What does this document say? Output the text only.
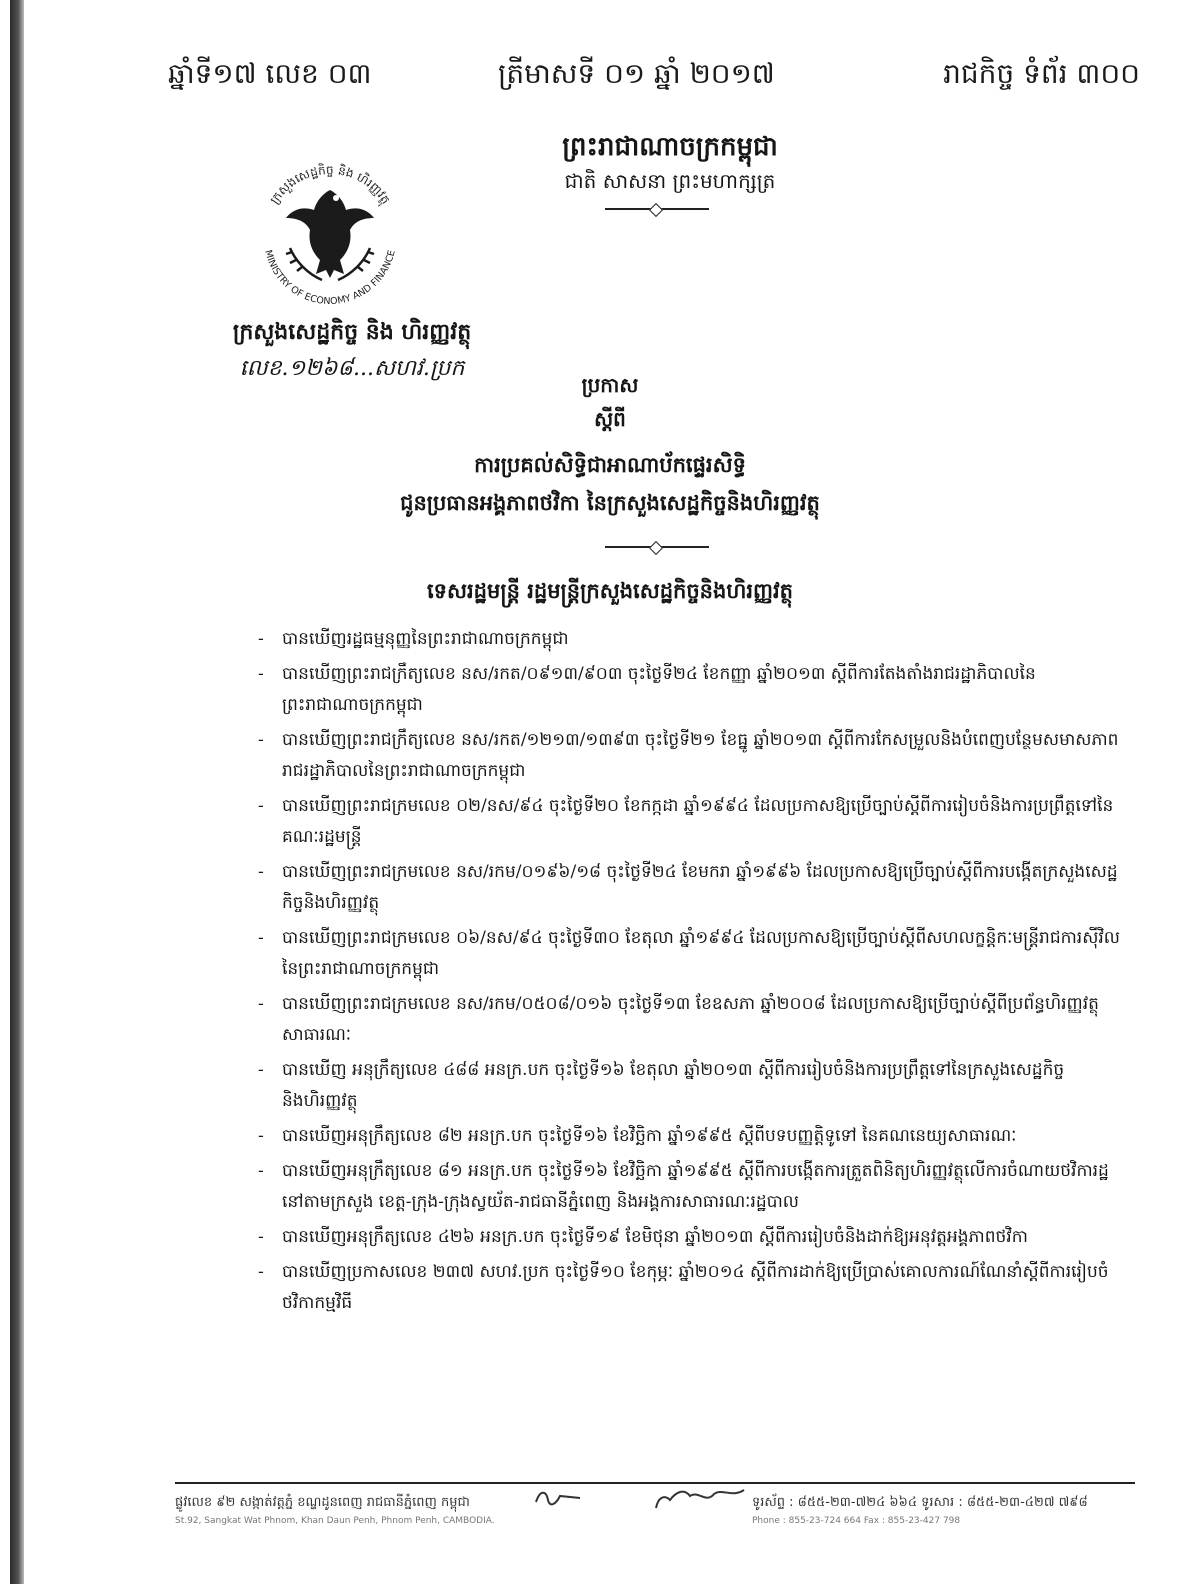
ឆ្នាំទី១៧ លេខ ០៣	ត្រីមាសទី ០១ ឆ្នាំ ២០១៧	រាជកិច្ច ទំព័រ ៣០០
ព្រះរាជាណាចក្រកម្ពុជា
ជាតិ សាសនា ព្រះមហាក្សត្រ
ក្រសួងសេដ្ឋកិច្ច និង ហិរញ្ញវត្ថុ
MINISTRY OF ECONOMY AND FINANCE
ក្រសួងសេដ្ឋកិច្ច និង ហិរញ្ញវត្ថុ
លេខ.១២៦៨...សហវ.ប្រក
ប្រកាស
ស្តីពី
ការប្រគល់សិទ្ធិជាអាណាប័កផ្ទេរសិទ្ធិ
ជូនប្រធានអង្គភាពថវិកា នៃក្រសួងសេដ្ឋកិច្ចនិងហិរញ្ញវត្ថុ
ទេសរដ្ឋមន្ត្រី រដ្ឋមន្ត្រីក្រសួងសេដ្ឋកិច្ចនិងហិរញ្ញវត្ថុ
- បានឃើញរដ្ឋធម្មនុញ្ញនៃព្រះរាជាណាចក្រកម្ពុជា
- បានឃើញព្រះរាជក្រឹត្យលេខ នស/រកត/០៩១៣/៩០៣ ចុះថ្ងៃទី២៤ ខែកញ្ញា ឆ្នាំ២០១៣ ស្តីពីការតែងតាំងរាជរដ្ឋាភិបាលនៃព្រះរាជាណាចក្រកម្ពុជា
- បានឃើញព្រះរាជក្រឹត្យលេខ នស/រកត/១២១៣/១៣៩៣ ចុះថ្ងៃទី២១ ខែធ្នូ ឆ្នាំ២០១៣ ស្តីពីការកែសម្រួលនិងបំពេញបន្ថែមសមាសភាពរាជរដ្ឋាភិបាលនៃព្រះរាជាណាចក្រកម្ពុជា
- បានឃើញព្រះរាជក្រមលេខ ០២/នស/៩៤ ចុះថ្ងៃទី២០ ខែកក្កដា ឆ្នាំ១៩៩៤ ដែលប្រកាសឱ្យប្រើច្បាប់ស្តីពីការរៀបចំនិងការប្រព្រឹត្តទៅនៃគណៈរដ្ឋមន្ត្រី
- បានឃើញព្រះរាជក្រមលេខ នស/រកម/០១៩៦/១៨ ចុះថ្ងៃទី២៤ ខែមករា ឆ្នាំ១៩៩៦ ដែលប្រកាសឱ្យប្រើច្បាប់ស្តីពីការបង្កើតក្រសួងសេដ្ឋកិច្ចនិងហិរញ្ញវត្ថុ
- បានឃើញព្រះរាជក្រមលេខ ០៦/នស/៩៤ ចុះថ្ងៃទី៣០ ខែតុលា ឆ្នាំ១៩៩៤ ដែលប្រកាសឱ្យប្រើច្បាប់ស្តីពីសហលក្ខន្តិកៈមន្ត្រីរាជការស៊ីវិលនៃព្រះរាជាណាចក្រកម្ពុជា
- បានឃើញព្រះរាជក្រមលេខ នស/រកម/០៥០៨/០១៦ ចុះថ្ងៃទី១៣ ខែឧសភា ឆ្នាំ២០០៨ ដែលប្រកាសឱ្យប្រើច្បាប់ស្តីពីប្រព័ន្ធហិរញ្ញវត្ថុសាធារណៈ
- បានឃើញ អនុក្រឹត្យលេខ ៤៨៨ អនក្រ.បក ចុះថ្ងៃទី១៦ ខែតុលា ឆ្នាំ២០១៣ ស្តីពីការរៀបចំនិងការប្រព្រឹត្តទៅនៃក្រសួងសេដ្ឋកិច្ចនិងហិរញ្ញវត្ថុ
- បានឃើញអនុក្រឹត្យលេខ ៨២ អនក្រ.បក ចុះថ្ងៃទី១៦ ខែវិច្ឆិកា ឆ្នាំ១៩៩៥ ស្តីពីបទបញ្ញត្តិទូទៅ នៃគណនេយ្យសាធារណៈ
- បានឃើញអនុក្រឹត្យលេខ ៨១ អនក្រ.បក ចុះថ្ងៃទី១៦ ខែវិច្ឆិកា ឆ្នាំ១៩៩៥ ស្តីពីការបង្កើតការត្រួតពិនិត្យហិរញ្ញវត្ថុលើការចំណាយថវិការដ្ឋនៅតាមក្រសួង ខេត្ត-ក្រុង-ក្រុងស្វយ័ត-រាជធានីភ្នំពេញ និងអង្គការសាធារណៈរដ្ឋបាល
- បានឃើញអនុក្រឹត្យលេខ ៤២៦ អនក្រ.បក ចុះថ្ងៃទី១៩ ខែមិថុនា ឆ្នាំ២០១៣ ស្តីពីការរៀបចំនិងដាក់ឱ្យអនុវត្តអង្គភាពថវិកា
- បានឃើញប្រកាសលេខ ២៣៧ សហវ.ប្រក ចុះថ្ងៃទី១០ ខែកុម្ភៈ ឆ្នាំ២០១៤ ស្តីពីការដាក់ឱ្យប្រើប្រាស់គោលការណ៍ណែនាំស្តីពីការរៀបចំថវិកាកម្មវិធី
ផ្លូវលេខ ៩២ សង្កាត់វត្តភ្នំ ខណ្ឌដូនពេញ រាជធានីភ្នំពេញ កម្ពុជា
St.92, Sangkat Wat Phnom, Khan Daun Penh, Phnom Penh, CAMBODIA.
ទូរស័ព្ទ : ៨៥៥-២៣-៧២៤ ៦៦៤ ទូរសារ : ៨៥៥-២៣-៤២៧ ៧៩៨
Phone : 855-23-724 664 Fax : 855-23-427 798
